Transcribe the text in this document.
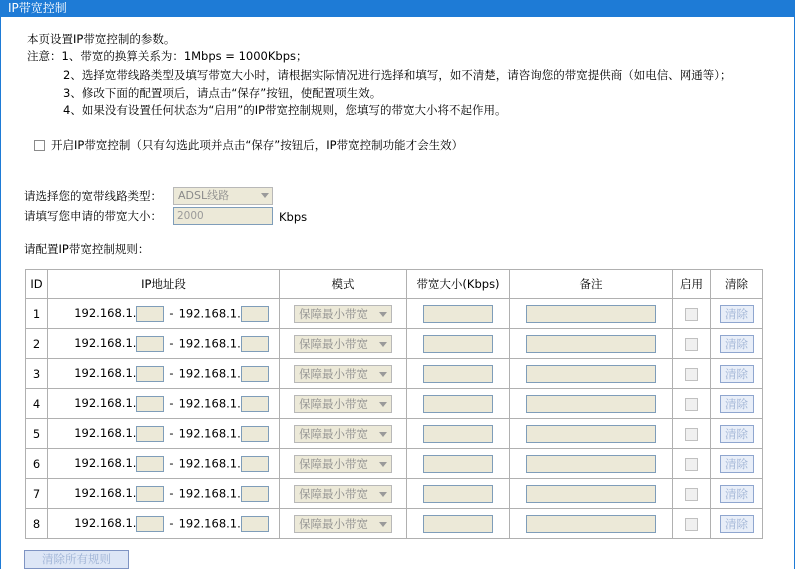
IP带宽控制
本页设置IP带宽控制的参数。
注意：1、带宽的换算关系为：1Mbps = 1000Kbps；
2、选择宽带线路类型及填写带宽大小时，请根据实际情况进行选择和填写，如不清楚，请咨询您的带宽提供商（如电信、网通等）；
3、修改下面的配置项后，请点击“保存”按钮，使配置项生效。
4、如果没有设置任何状态为“启用”的IP带宽控制规则，您填写的带宽大小将不起作用。
开启IP带宽控制（只有勾选此项并点击“保存”按钮后，IP带宽控制功能才会生效）
请选择您的宽带线路类型：	ADSL线路
请填写您申请的带宽大小：	2000	Kbps
请配置IP带宽控制规则：
ID	IP地址段	模式	带宽大小(Kbps)	备注	启用	清除
1	192.168.1. - 192.168.1.	保障最小带宽				清除
2	192.168.1. - 192.168.1.	保障最小带宽				清除
3	192.168.1. - 192.168.1.	保障最小带宽				清除
4	192.168.1. - 192.168.1.	保障最小带宽				清除
5	192.168.1. - 192.168.1.	保障最小带宽				清除
6	192.168.1. - 192.168.1.	保障最小带宽				清除
7	192.168.1. - 192.168.1.	保障最小带宽				清除
8	192.168.1. - 192.168.1.	保障最小带宽				清除
清除所有规则
